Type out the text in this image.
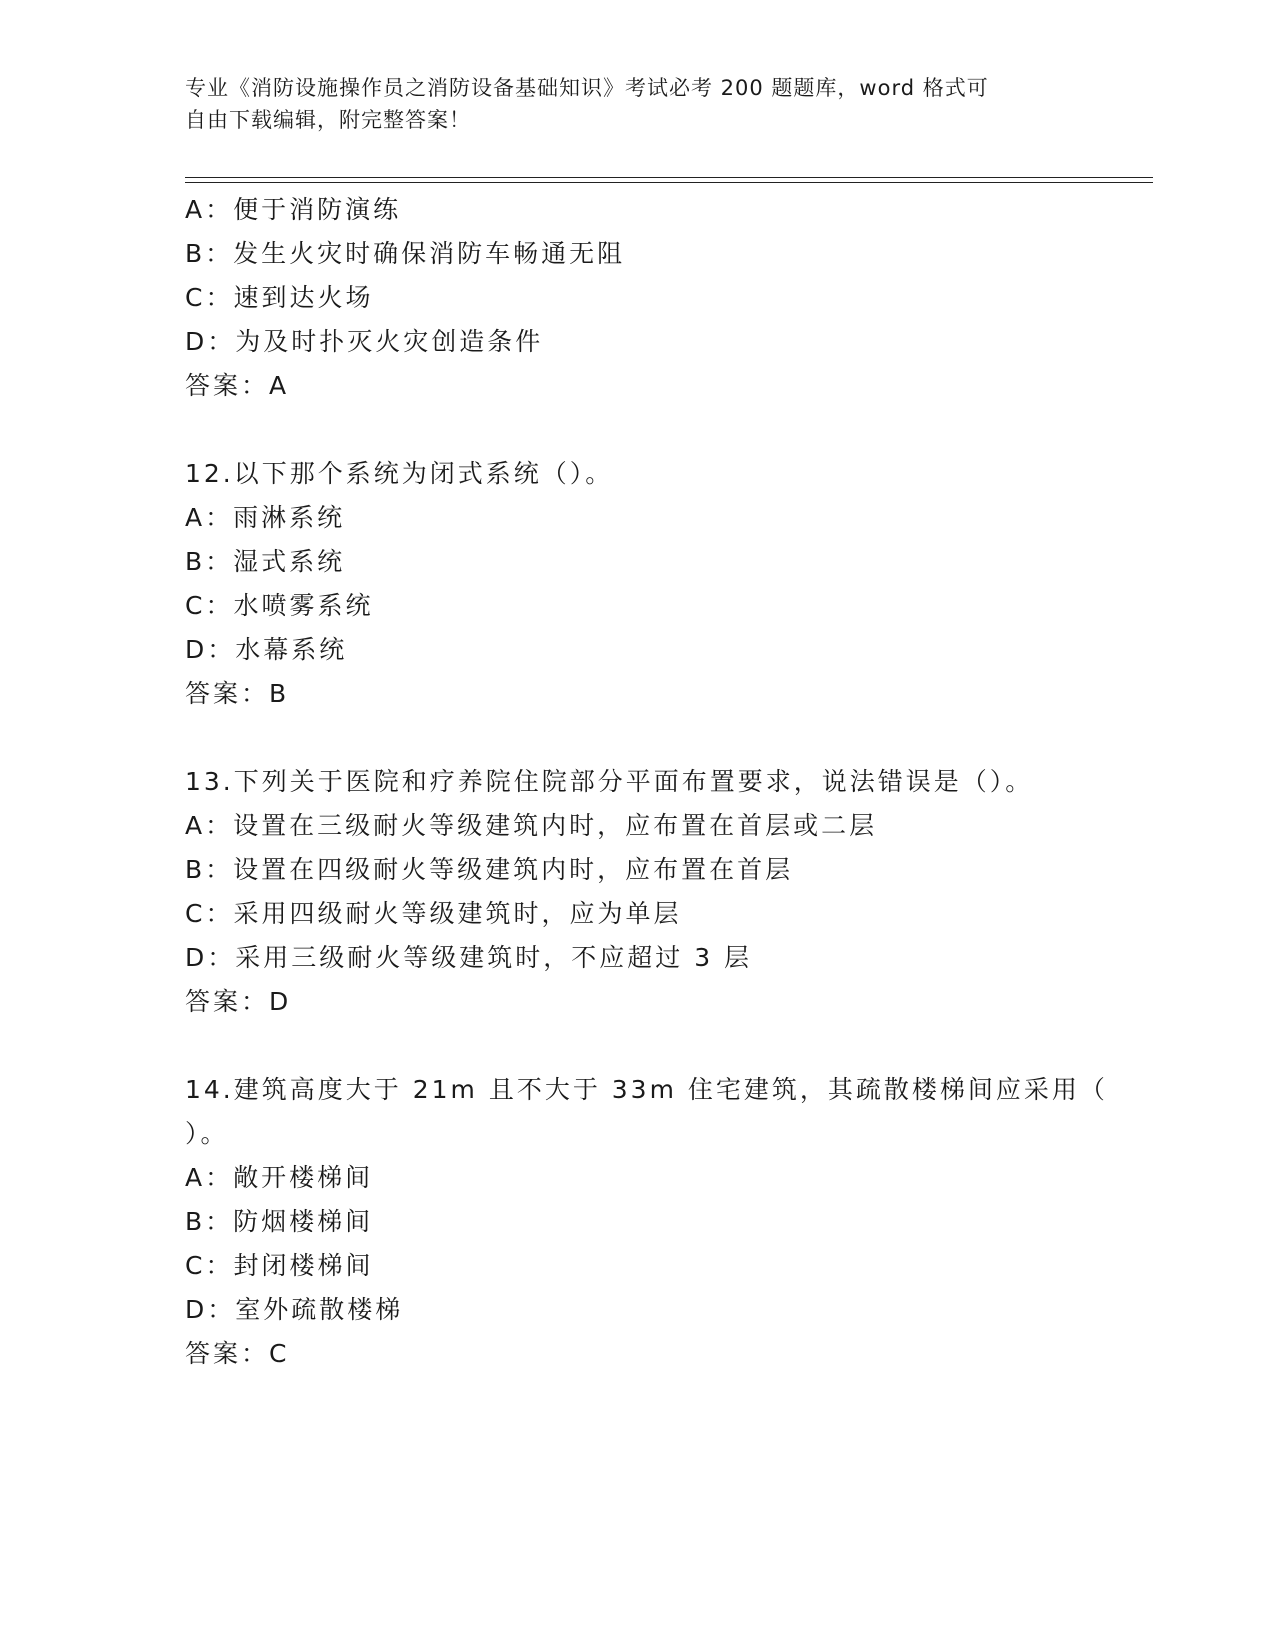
专业《消防设施操作员之消防设备基础知识》考试必考 200 题题库，word 格式可
自由下载编辑，附完整答案！
A：便于消防演练
B：发生火灾时确保消防车畅通无阻
C：速到达火场
D：为及时扑灭火灾创造条件
答案：A
12.以下那个系统为闭式系统（）。
A：雨淋系统
B：湿式系统
C：水喷雾系统
D：水幕系统
答案：B
13.下列关于医院和疗养院住院部分平面布置要求，说法错误是（）。
A：设置在三级耐火等级建筑内时，应布置在首层或二层
B：设置在四级耐火等级建筑内时，应布置在首层
C：采用四级耐火等级建筑时，应为单层
D：采用三级耐火等级建筑时，不应超过 3 层
答案：D
14.建筑高度大于 21m 且不大于 33m 住宅建筑，其疏散楼梯间应采用（
）。
A：敞开楼梯间
B：防烟楼梯间
C：封闭楼梯间
D：室外疏散楼梯
答案：C
